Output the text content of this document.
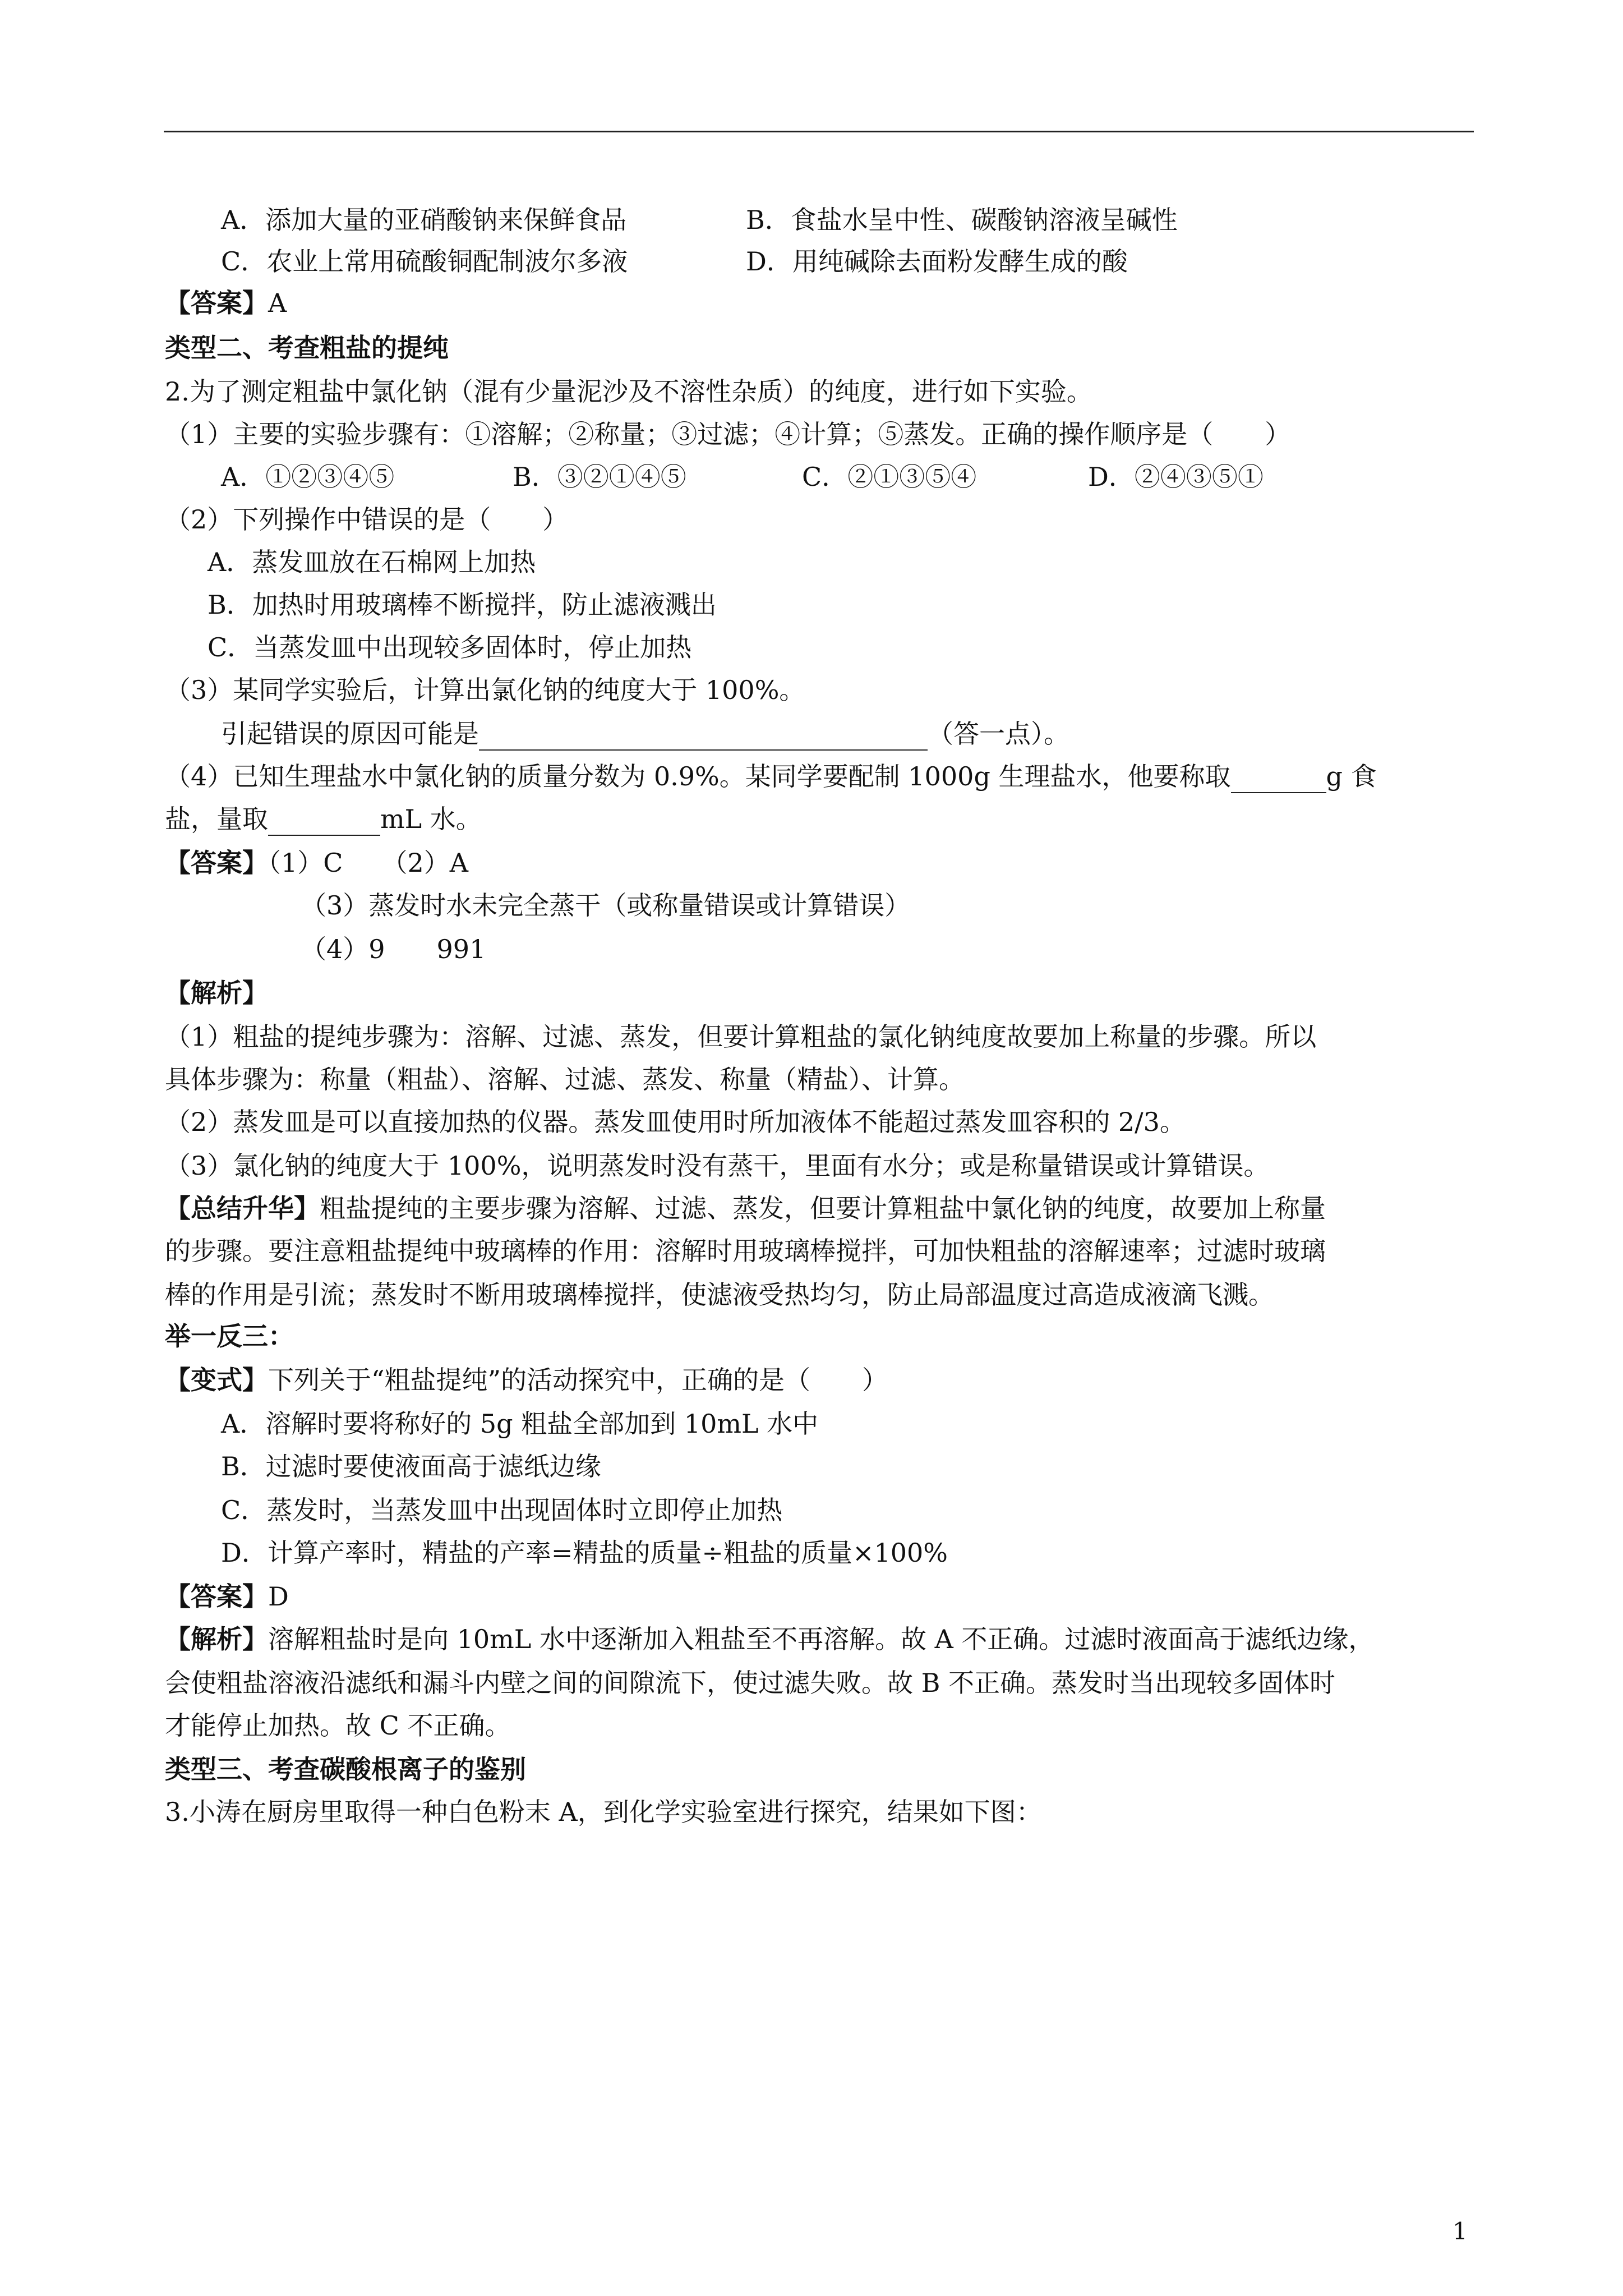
A．添加大量的亚硝酸钠来保鲜食品	B．食盐水呈中性、碳酸钠溶液呈碱性
C．农业上常用硫酸铜配制波尔多液	D．用纯碱除去面粉发酵生成的酸
【答案】A
类型二、考查粗盐的提纯
2.为了测定粗盐中氯化钠（混有少量泥沙及不溶性杂质）的纯度，进行如下实验。
（1）主要的实验步骤有：①溶解；②称量；③过滤；④计算；⑤蒸发。正确的操作顺序是（　　）
A．①②③④⑤	B．③②①④⑤	C．②①③⑤④	D．②④③⑤①
（2）下列操作中错误的是（　　）
A．蒸发皿放在石棉网上加热
B．加热时用玻璃棒不断搅拌，防止滤液溅出
C．当蒸发皿中出现较多固体时，停止加热
（3）某同学实验后，计算出氯化钠的纯度大于 100%。
引起错误的原因可能是	（答一点）。
（4）已知生理盐水中氯化钠的质量分数为 0.9%。某同学要配制 1000g 生理盐水，他要称取	g 食
盐，量取	mL 水。
【答案】（1）C　　（2）A
（3）蒸发时水未完全蒸干（或称量错误或计算错误）
（4）9　　991
【解析】
（1）粗盐的提纯步骤为：溶解、过滤、蒸发，但要计算粗盐的氯化钠纯度故要加上称量的步骤。所以
具体步骤为：称量（粗盐）、溶解、过滤、蒸发、称量（精盐）、计算。
（2）蒸发皿是可以直接加热的仪器。蒸发皿使用时所加液体不能超过蒸发皿容积的 2/3。
（3）氯化钠的纯度大于 100%，说明蒸发时没有蒸干，里面有水分；或是称量错误或计算错误。
【总结升华】粗盐提纯的主要步骤为溶解、过滤、蒸发，但要计算粗盐中氯化钠的纯度，故要加上称量
的步骤。要注意粗盐提纯中玻璃棒的作用：溶解时用玻璃棒搅拌，可加快粗盐的溶解速率；过滤时玻璃
棒的作用是引流；蒸发时不断用玻璃棒搅拌，使滤液受热均匀，防止局部温度过高造成液滴飞溅。
举一反三：
【变式】下列关于“粗盐提纯”的活动探究中，正确的是（　　）
A．溶解时要将称好的 5g 粗盐全部加到 10mL 水中
B．过滤时要使液面高于滤纸边缘
C．蒸发时，当蒸发皿中出现固体时立即停止加热
D．计算产率时，精盐的产率=精盐的质量÷粗盐的质量×100%
【答案】D
【解析】溶解粗盐时是向 10mL 水中逐渐加入粗盐至不再溶解。故 A 不正确。过滤时液面高于滤纸边缘，
会使粗盐溶液沿滤纸和漏斗内壁之间的间隙流下，使过滤失败。故 B 不正确。蒸发时当出现较多固体时
才能停止加热。故 C 不正确。
类型三、考查碳酸根离子的鉴别
3.小涛在厨房里取得一种白色粉末 A，到化学实验室进行探究，结果如下图：
1
